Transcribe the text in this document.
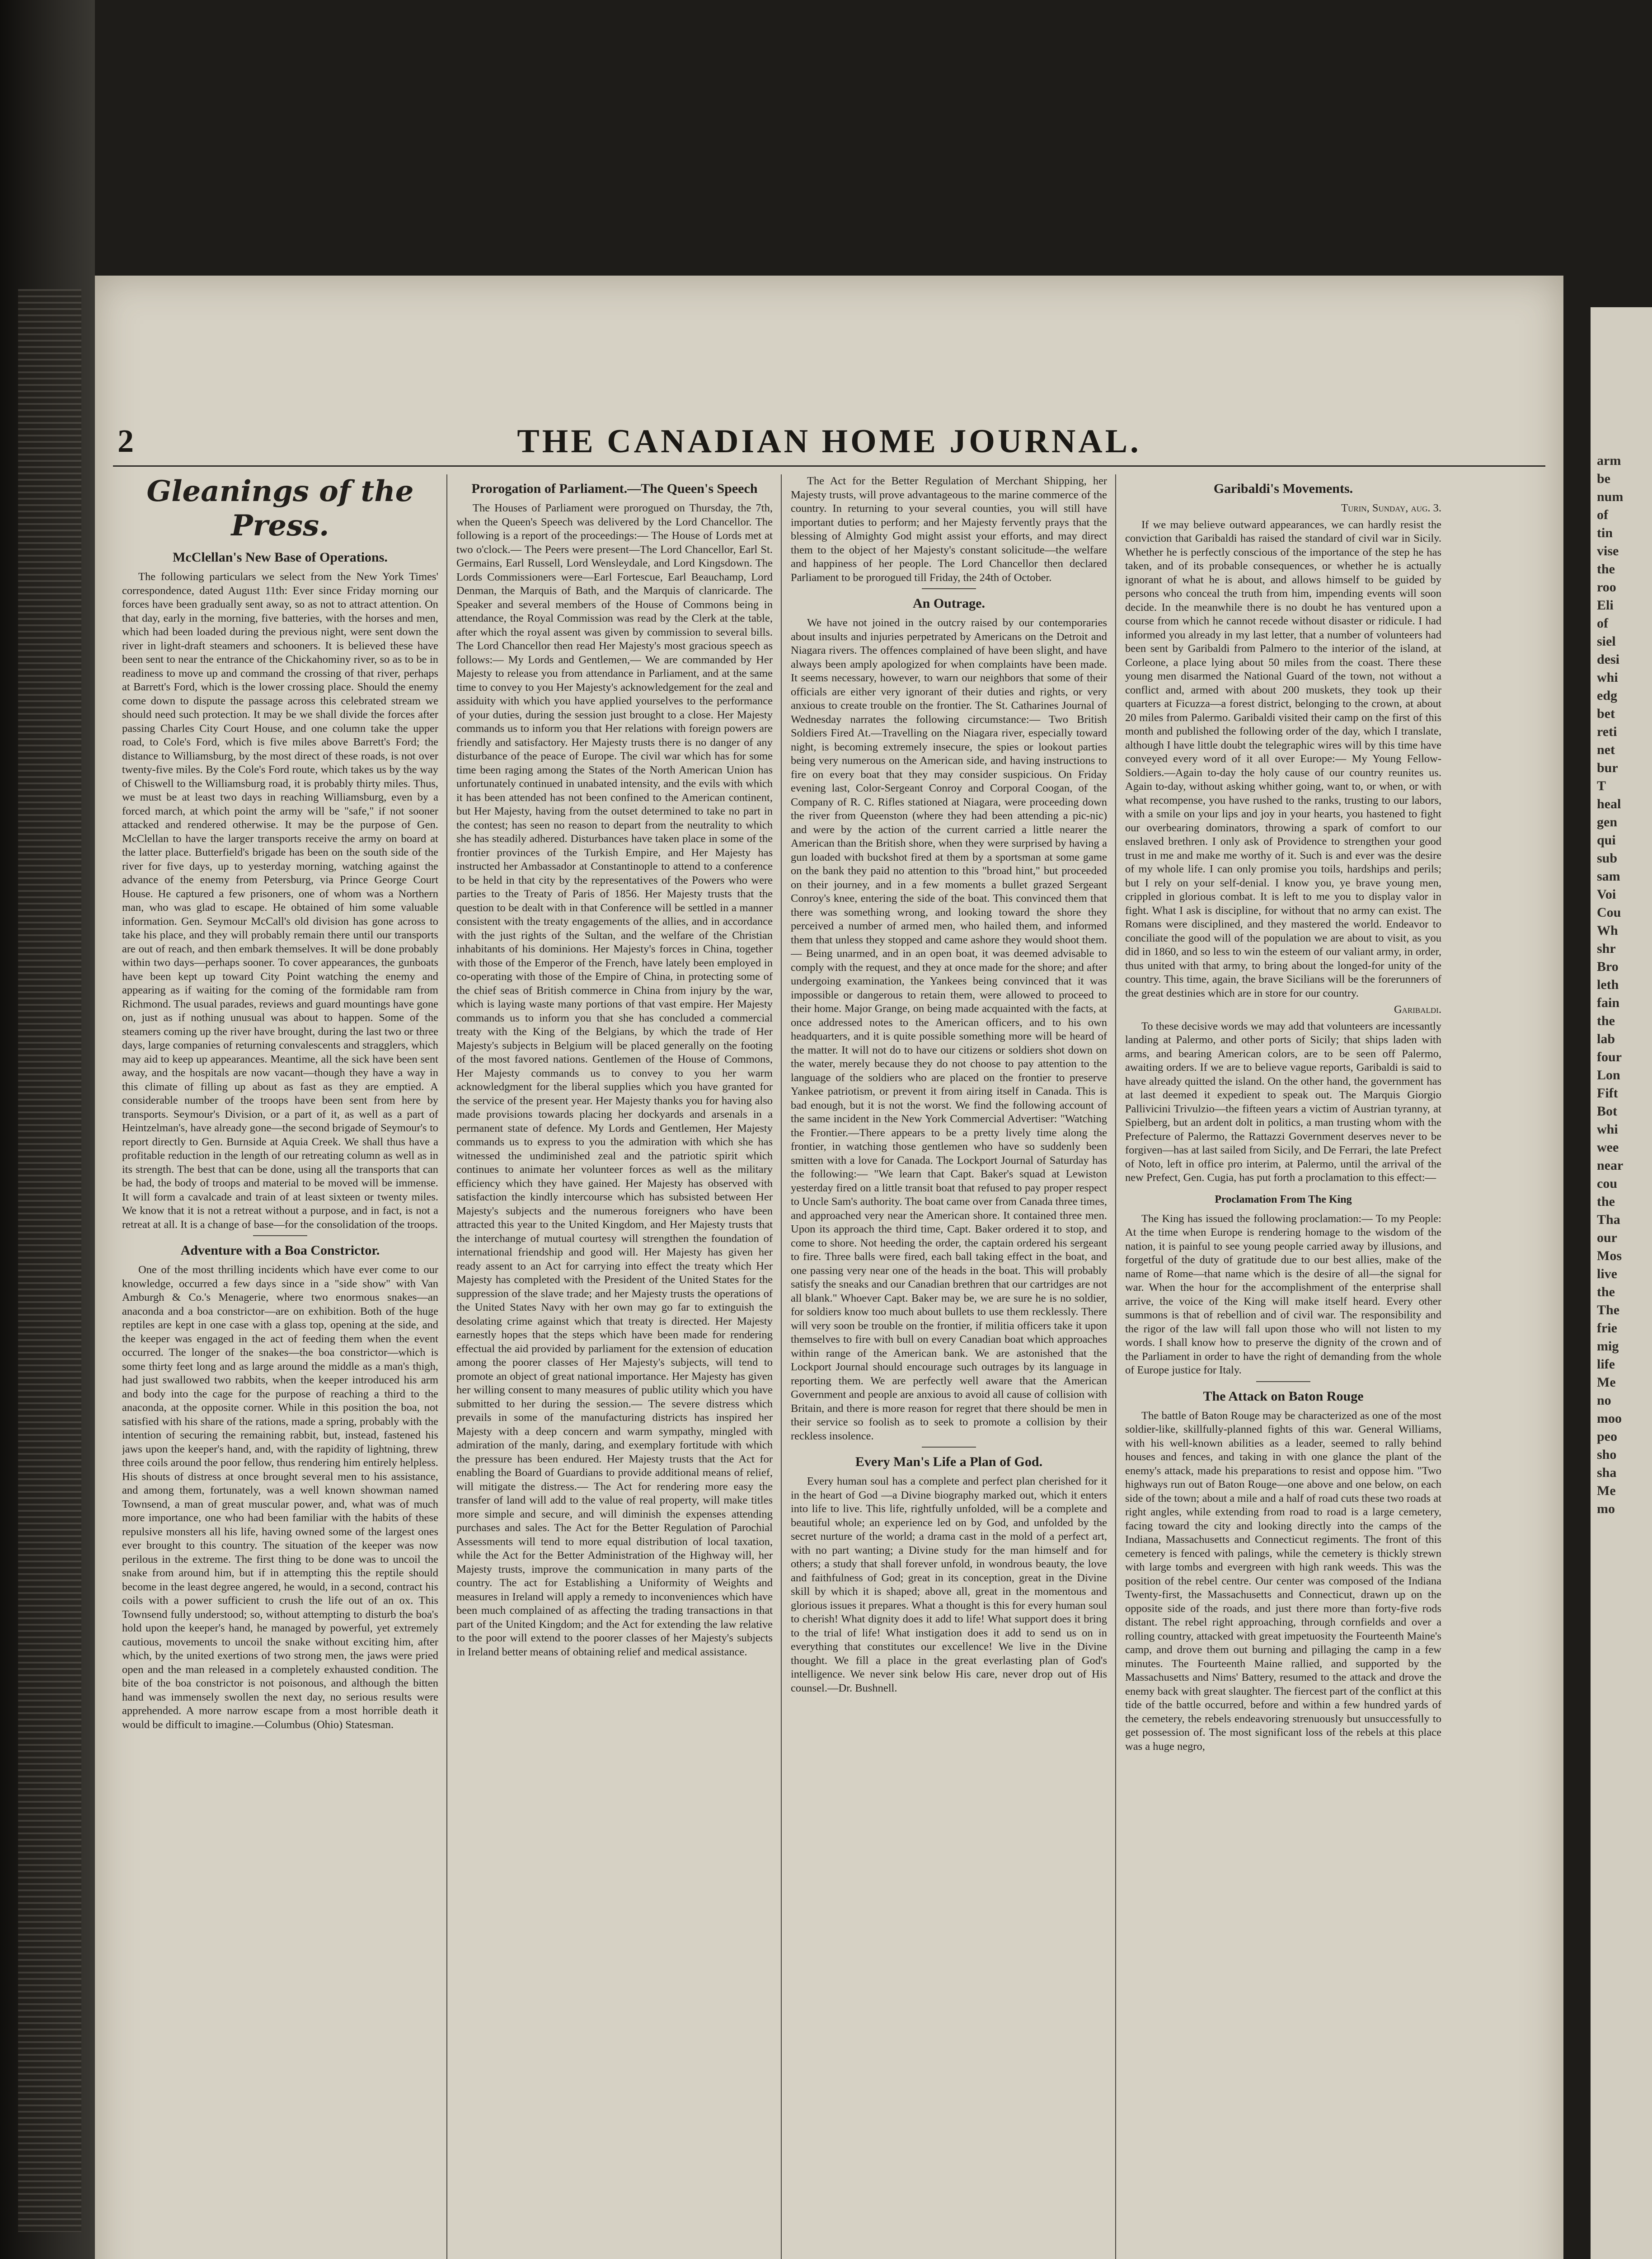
2	THE CANADIAN HOME JOURNAL.
Gleanings of the Press.
McClellan's New Base of Operations.

The following particulars we select from the New York Times' correspondence, dated August 11th: Ever since Friday morning our forces have been gradually sent away, so as not to attract attention. On that day, early in the morning, five batteries, with the horses and men, which had been loaded during the previous night, were sent down the river in light-draft steamers and schooners. It is believed these have been sent to near the entrance of the Chickahominy river, so as to be in readiness to move up and command the crossing of that river, perhaps at Barrett's Ford, which is the lower crossing place. Should the enemy come down to dispute the passage across this celebrated stream we should need such protection. It may be we shall divide the forces after passing Charles City Court House, and one column take the upper road, to Cole's Ford, which is five miles above Barrett's Ford; the distance to Williamsburg, by the most direct of these roads, is not over twenty-five miles. By the Cole's Ford route, which takes us by the way of Chiswell to the Williamsburg road, it is probably thirty miles. Thus, we must be at least two days in reaching Williamsburg, even by a forced march, at which point the army will be "safe," if not sooner attacked and rendered otherwise. It may be the purpose of Gen. McClellan to have the larger transports receive the army on board at the latter place. Butterfield's brigade has been on the south side of the river for five days, up to yesterday morning, watching against the advance of the enemy from Petersburg, via Prince George Court House. He captured a few prisoners, one of whom was a Northern man, who was glad to escape. He obtained of him some valuable information. Gen. Seymour McCall's old division has gone across to take his place, and they will probably remain there until our transports are out of reach, and then embark themselves. It will be done probably within two days—perhaps sooner. To cover appearances, the gunboats have been kept up toward City Point watching the enemy and appearing as if waiting for the coming of the formidable ram from Richmond. The usual parades, reviews and guard mountings have gone on, just as if nothing unusual was about to happen. Some of the steamers coming up the river have brought, during the last two or three days, large companies of returning convalescents and stragglers, which may aid to keep up appearances. Meantime, all the sick have been sent away, and the hospitals are now vacant—though they have a way in this climate of filling up about as fast as they are emptied. A considerable number of the troops have been sent from here by transports. Seymour's Division, or a part of it, as well as a part of Heintzelman's, have already gone—the second brigade of Seymour's to report directly to Gen. Burnside at Aquia Creek. We shall thus have a profitable reduction in the length of our retreating column as well as in its strength. The best that can be done, using all the transports that can be had, the body of troops and material to be moved will be immense. It will form a cavalcade and train of at least sixteen or twenty miles. We know that it is not a retreat without a purpose, and in fact, is not a retreat at all. It is a change of base—for the consolidation of the troops.

Adventure with a Boa Constrictor.

One of the most thrilling incidents which have ever come to our knowledge, occurred a few days since in a "side show" with Van Amburgh & Co.'s Menagerie, where two enormous snakes—an anaconda and a boa constrictor—are on exhibition. Both of the huge reptiles are kept in one case with a glass top, opening at the side, and the keeper was engaged in the act of feeding them when the event occurred. The longer of the snakes—the boa constrictor—which is some thirty feet long and as large around the middle as a man's thigh, had just swallowed two rabbits, when the keeper introduced his arm and body into the cage for the purpose of reaching a third to the anaconda, at the opposite corner. While in this position the boa, not satisfied with his share of the rations, made a spring, probably with the intention of securing the remaining rabbit, but, instead, fastened his jaws upon the keeper's hand, and, with the rapidity of lightning, threw three coils around the poor fellow, thus rendering him entirely helpless. His shouts of distress at once brought several men to his assistance, and among them, fortunately, was a well known showman named Townsend, a man of great muscular power, and, what was of much more importance, one who had been familiar with the habits of these repulsive monsters all his life, having owned some of the largest ones ever brought to this country. The situation of the keeper was now perilous in the extreme. The first thing to be done was to uncoil the snake from around him, but if in attempting this the reptile should become in the least degree angered, he would, in a second, contract his coils with a power sufficient to crush the life out of an ox. This Townsend fully understood; so, without attempting to disturb the boa's hold upon the keeper's hand, he managed by powerful, yet extremely cautious, movements to uncoil the snake without exciting him, after which, by the united exertions of two strong men, the jaws were pried open and the man released in a completely exhausted condition. The bite of the boa constrictor is not poisonous, and although the bitten hand was immensely swollen the next day, no serious results were apprehended. A more narrow escape from a most horrible death it would be difficult to imagine.—Columbus (Ohio) Statesman.

Prorogation of Parliament.—The Queen's Speech

The Houses of Parliament were prorogued on Thursday, the 7th, when the Queen's Speech was delivered by the Lord Chancellor. The following is a report of the proceedings:— The House of Lords met at two o'clock.— The Peers were present—The Lord Chancellor, Earl St. Germains, Earl Russell, Lord Wensleydale, and Lord Kingsdown. The Lords Commissioners were—Earl Fortescue, Earl Beauchamp, Lord Denman, the Marquis of Bath, and the Marquis of clanricarde. The Speaker and several members of the House of Commons being in attendance, the Royal Commission was read by the Clerk at the table, after which the royal assent was given by commission to several bills. The Lord Chancellor then read Her Majesty's most gracious speech as follows:— My Lords and Gentlemen,— We are commanded by Her Majesty to release you from attendance in Parliament, and at the same time to convey to you Her Majesty's acknowledgement for the zeal and assiduity with which you have applied yourselves to the performance of your duties, during the session just brought to a close. Her Majesty commands us to inform you that Her relations with foreign powers are friendly and satisfactory. Her Majesty trusts there is no danger of any disturbance of the peace of Europe. The civil war which has for some time been raging among the States of the North American Union has unfortunately continued in unabated intensity, and the evils with which it has been attended has not been confined to the American continent, but Her Majesty, having from the outset determined to take no part in the contest; has seen no reason to depart from the neutrality to which she has steadily adhered. Disturbances have taken place in some of the frontier provinces of the Turkish Empire, and Her Majesty has instructed her Ambassador at Constantinople to attend to a conference to be held in that city by the representatives of the Powers who were parties to the Treaty of Paris of 1856. Her Majesty trusts that the question to be dealt with in that Conference will be settled in a manner consistent with the treaty engagements of the allies, and in accordance with the just rights of the Sultan, and the welfare of the Christian inhabitants of his dominions. Her Majesty's forces in China, together with those of the Emperor of the French, have lately been employed in co-operating with those of the Empire of China, in protecting some of the chief seas of British commerce in China from injury by the war, which is laying waste many portions of that vast empire. Her Majesty commands us to inform you that she has concluded a commercial treaty with the King of the Belgians, by which the trade of Her Majesty's subjects in Belgium will be placed generally on the footing of the most favored nations. Gentlemen of the House of Commons, Her Majesty commands us to convey to you her warm acknowledgment for the liberal supplies which you have granted for the service of the present year. Her Majesty thanks you for having also made provisions towards placing her dockyards and arsenals in a permanent state of defence. My Lords and Gentlemen, Her Majesty commands us to express to you the admiration with which she has witnessed the undiminished zeal and the patriotic spirit which continues to animate her volunteer forces as well as the military efficiency which they have gained. Her Majesty has observed with satisfaction the kindly intercourse which has subsisted between Her Majesty's subjects and the numerous foreigners who have been attracted this year to the United Kingdom, and Her Majesty trusts that the interchange of mutual courtesy will strengthen the foundation of international friendship and good will. Her Majesty has given her ready assent to an Act for carrying into effect the treaty which Her Majesty has completed with the President of the United States for the suppression of the slave trade; and her Majesty trusts the operations of the United States Navy with her own may go far to extinguish the desolating crime against which that treaty is directed. Her Majesty earnestly hopes that the steps which have been made for rendering effectual the aid provided by parliament for the extension of education among the poorer classes of Her Majesty's subjects, will tend to promote an object of great national importance. Her Majesty has given her willing consent to many measures of public utility which you have submitted to her during the session.— The severe distress which prevails in some of the manufacturing districts has inspired her Majesty with a deep concern and warm sympathy, mingled with admiration of the manly, daring, and exemplary fortitude with which the pressure has been endured. Her Majesty trusts that the Act for enabling the Board of Guardians to provide additional means of relief, will mitigate the distress.— The Act for rendering more easy the transfer of land will add to the value of real property, will make titles more simple and secure, and will diminish the expenses attending purchases and sales. The Act for the Better Regulation of Parochial Assessments will tend to more equal distribution of local taxation, while the Act for the Better Administration of the Highway will, her Majesty trusts, improve the communication in many parts of the country. The act for Establishing a Uniformity of Weights and measures in Ireland will apply a remedy to inconveniences which have been much complained of as affecting the trading transactions in that part of the United Kingdom; and the Act for extending the law relative to the poor will extend to the poorer classes of her Majesty's subjects in Ireland better means of obtaining relief and medical assistance.

The Act for the Better Regulation of Merchant Shipping, her Majesty trusts, will prove advantageous to the marine commerce of the country. In returning to your several counties, you will still have important duties to perform; and her Majesty fervently prays that the blessing of Almighty God might assist your efforts, and may direct them to the object of her Majesty's constant solicitude—the welfare and happiness of her people. The Lord Chancellor then declared Parliament to be prorogued till Friday, the 24th of October.

An Outrage.

We have not joined in the outcry raised by our contemporaries about insults and injuries perpetrated by Americans on the Detroit and Niagara rivers. The offences complained of have been slight, and have always been amply apologized for when complaints have been made. It seems necessary, however, to warn our neighbors that some of their officials are either very ignorant of their duties and rights, or very anxious to create trouble on the frontier. The St. Catharines Journal of Wednesday narrates the following circumstance:— Two British Soldiers Fired At.—Travelling on the Niagara river, especially toward night, is becoming extremely insecure, the spies or lookout parties being very numerous on the American side, and having instructions to fire on every boat that they may consider suspicious. On Friday evening last, Color-Sergeant Conroy and Corporal Coogan, of the Company of R. C. Rifles stationed at Niagara, were proceeding down the river from Queenston (where they had been attending a pic-nic) and were by the action of the current carried a little nearer the American than the British shore, when they were surprised by having a gun loaded with buckshot fired at them by a sportsman at some game on the bank they paid no attention to this "broad hint," but proceeded on their journey, and in a few moments a bullet grazed Sergeant Conroy's knee, entering the side of the boat. This convinced them that there was something wrong, and looking toward the shore they perceived a number of armed men, who hailed them, and informed them that unless they stopped and came ashore they would shoot them.— Being unarmed, and in an open boat, it was deemed advisable to comply with the request, and they at once made for the shore; and after undergoing examination, the Yankees being convinced that it was impossible or dangerous to retain them, were allowed to proceed to their home. Major Grange, on being made acquainted with the facts, at once addressed notes to the American officers, and to his own headquarters, and it is quite possible something more will be heard of the matter. It will not do to have our citizens or soldiers shot down on the water, merely because they do not choose to pay attention to the language of the soldiers who are placed on the frontier to preserve Yankee patriotism, or prevent it from airing itself in Canada. This is bad enough, but it is not the worst. We find the following account of the same incident in the New York Commercial Advertiser: "Watching the Frontier.—There appears to be a pretty lively time along the frontier, in watching those gentlemen who have so suddenly been smitten with a love for Canada. The Lockport Journal of Saturday has the following:— "We learn that Capt. Baker's squad at Lewiston yesterday fired on a little transit boat that refused to pay proper respect to Uncle Sam's authority. The boat came over from Canada three times, and approached very near the American shore. It contained three men. Upon its approach the third time, Capt. Baker ordered it to stop, and come to shore. Not heeding the order, the captain ordered his sergeant to fire. Three balls were fired, each ball taking effect in the boat, and one passing very near one of the heads in the boat. This will probably satisfy the sneaks and our Canadian brethren that our cartridges are not all blank." Whoever Capt. Baker may be, we are sure he is no soldier, for soldiers know too much about bullets to use them recklessly. There will very soon be trouble on the frontier, if militia officers take it upon themselves to fire with bull on every Canadian boat which approaches within range of the American bank. We are astonished that the Lockport Journal should encourage such outrages by its language in reporting them. We are perfectly well aware that the American Government and people are anxious to avoid all cause of collision with Britain, and there is more reason for regret that there should be men in their service so foolish as to seek to promote a collision by their reckless insolence.

Every Man's Life a Plan of God.

Every human soul has a complete and perfect plan cherished for it in the heart of God —a Divine biography marked out, which it enters into life to live. This life, rightfully unfolded, will be a complete and beautiful whole; an experience led on by God, and unfolded by the secret nurture of the world; a drama cast in the mold of a perfect art, with no part wanting; a Divine study for the man himself and for others; a study that shall forever unfold, in wondrous beauty, the love and faithfulness of God; great in its conception, great in the Divine skill by which it is shaped; above all, great in the momentous and glorious issues it prepares. What a thought is this for every human soul to cherish! What dignity does it add to life! What support does it bring to the trial of life! What instigation does it add to send us on in everything that constitutes our excellence! We live in the Divine thought. We fill a place in the great everlasting plan of God's intelligence. We never sink below His care, never drop out of His counsel.—Dr. Bushnell.

Garibaldi's Movements.

Turin, Sunday, aug. 3.

If we may believe outward appearances, we can hardly resist the conviction that Garibaldi has raised the standard of civil war in Sicily. Whether he is perfectly conscious of the importance of the step he has taken, and of its probable consequences, or whether he is actually ignorant of what he is about, and allows himself to be guided by persons who conceal the truth from him, impending events will soon decide. In the meanwhile there is no doubt he has ventured upon a course from which he cannot recede without disaster or ridicule. I had informed you already in my last letter, that a number of volunteers had been sent by Garibaldi from Palmero to the interior of the island, at Corleone, a place lying about 50 miles from the coast. There these young men disarmed the National Guard of the town, not without a conflict and, armed with about 200 muskets, they took up their quarters at Ficuzza—a forest district, belonging to the crown, at about 20 miles from Palermo. Garibaldi visited their camp on the first of this month and published the following order of the day, which I translate, although I have little doubt the telegraphic wires will by this time have conveyed every word of it all over Europe:— My Young Fellow-Soldiers.—Again to-day the holy cause of our country reunites us. Again to-day, without asking whither going, want to, or when, or with what recompense, you have rushed to the ranks, trusting to our labors, with a smile on your lips and joy in your hearts, you hastened to fight our overbearing dominators, throwing a spark of comfort to our enslaved brethren. I only ask of Providence to strengthen your good trust in me and make me worthy of it. Such is and ever was the desire of my whole life. I can only promise you toils, hardships and perils; but I rely on your self-denial. I know you, ye brave young men, crippled in glorious combat. It is left to me you to display valor in fight. What I ask is discipline, for without that no army can exist. The Romans were disciplined, and they mastered the world. Endeavor to conciliate the good will of the population we are about to visit, as you did in 1860, and so less to win the esteem of our valiant army, in order, thus united with that army, to bring about the longed-for unity of the country. This time, again, the brave Sicilians will be the forerunners of the great destinies which are in store for our country.

Garibaldi.

To these decisive words we may add that volunteers are incessantly landing at Palermo, and other ports of Sicily; that ships laden with arms, and bearing American colors, are to be seen off Palermo, awaiting orders. If we are to believe vague reports, Garibaldi is said to have already quitted the island. On the other hand, the government has at last deemed it expedient to speak out. The Marquis Giorgio Pallivicini Trivulzio—the fifteen years a victim of Austrian tyranny, at Spielberg, but an ardent dolt in politics, a man trusting whom with the Prefecture of Palermo, the Rattazzi Government deserves never to be forgiven—has at last sailed from Sicily, and De Ferrari, the late Prefect of Noto, left in office pro interim, at Palermo, until the arrival of the new Prefect, Gen. Cugia, has put forth a proclamation to this effect:—

Proclamation From The King

The King has issued the following proclamation:— To my People: At the time when Europe is rendering homage to the wisdom of the nation, it is painful to see young people carried away by illusions, and forgetful of the duty of gratitude due to our best allies, make of the name of Rome—that name which is the desire of all—the signal for war. When the hour for the accomplishment of the enterprise shall arrive, the voice of the King will make itself heard. Every other summons is that of rebellion and of civil war. The responsibility and the rigor of the law will fall upon those who will not listen to my words. I shall know how to preserve the dignity of the crown and of the Parliament in order to have the right of demanding from the whole of Europe justice for Italy.

The Attack on Baton Rouge

The battle of Baton Rouge may be characterized as one of the most soldier-like, skillfully-planned fights of this war. General Williams, with his well-known abilities as a leader, seemed to rally behind houses and fences, and taking in with one glance the plant of the enemy's attack, made his preparations to resist and oppose him. "Two highways run out of Baton Rouge—one above and one below, on each side of the town; about a mile and a half of road cuts these two roads at right angles, while extending from road to road is a large cemetery, facing toward the city and looking directly into the camps of the Indiana, Massachusetts and Connecticut regiments. The front of this cemetery is fenced with palings, while the cemetery is thickly strewn with large tombs and evergreen with high rank weeds. This was the position of the rebel centre. Our center was composed of the Indiana Twenty-first, the Massachusetts and Connecticut, drawn up on the opposite side of the roads, and just there more than forty-five rods distant. The rebel right approaching, through cornfields and over a rolling country, attacked with great impetuosity the Fourteenth Maine's camp, and drove them out burning and pillaging the camp in a few minutes. The Fourteenth Maine rallied, and supported by the Massachusetts and Nims' Battery, resumed to the attack and drove the enemy back with great slaughter. The fiercest part of the conflict at this tide of the battle occurred, before and within a few hundred yards of the cemetery, the rebels endeavoring strenuously but unsuccessfully to get possession of. The most significant loss of the rebels at this place was a huge negro,

arm
be
num
of
tin
vise
the
roo
Eli
of
siel
desi
whi
edg
bet
reti
net
bur
T
heal
gen
qui
sub
sam
Voi
Cou
Wh
shr
Bro
leth
fain
the
lab
four
Lon
Fift
Bot
whi
wee
near
cou
the
Tha
our
Mos
live
the
The
frie
mig
life
Me
no
moo
peo
sho
sha
Me
mo
